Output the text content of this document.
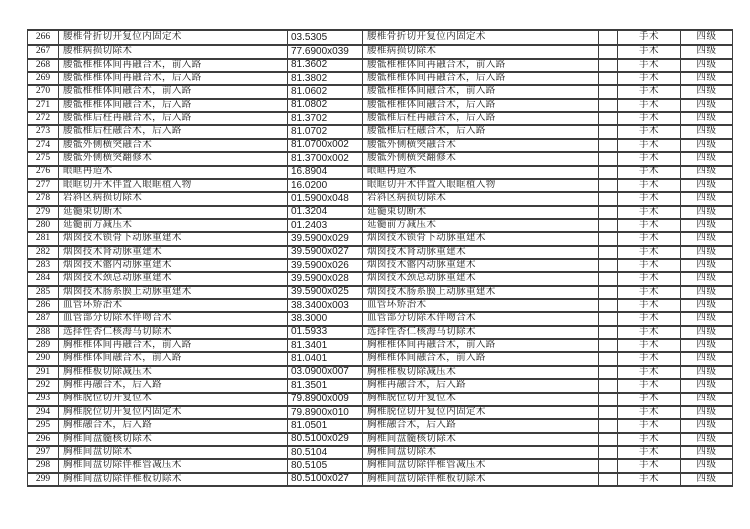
266	腰椎骨折切开复位内固定术	03.5305	腰椎骨折切开复位内固定术	手术	四级
267	腰椎病损切除术	77.6900x039	腰椎病损切除术	手术	四级
268	腰骶椎椎体间再融合术，前入路	81.3602	腰骶椎椎体间再融合术，前入路	手术	四级
269	腰骶椎椎体间再融合术，后入路	81.3802	腰骶椎椎体间再融合术，后入路	手术	四级
270	腰骶椎椎体间融合术，前入路	81.0602	腰骶椎椎体间融合术，前入路	手术	四级
271	腰骶椎椎体间融合术，后入路	81.0802	腰骶椎椎体间融合术，后入路	手术	四级
272	腰骶椎后柱再融合术，后入路	81.3702	腰骶椎后柱再融合术，后入路	手术	四级
273	腰骶椎后柱融合术，后入路	81.0702	腰骶椎后柱融合术，后入路	手术	四级
274	腰骶外侧横突融合术	81.0700x002	腰骶外侧横突融合术	手术	四级
275	腰骶外侧横突翻修术	81.3700x002	腰骶外侧横突翻修术	手术	四级
276	眼眶再造术	16.8904	眼眶再造术	手术	四级
277	眼眶切开术伴置入眼眶植入物	16.0200	眼眶切开术伴置入眼眶植入物	手术	四级
278	岩斜区病损切除术	01.5900x048	岩斜区病损切除术	手术	四级
279	延髓束切断术	01.3204	延髓束切断术	手术	四级
280	延髓前方减压术	01.2403	延髓前方减压术	手术	四级
281	烟囱技术锁骨下动脉重建术	39.5900x029	烟囱技术锁骨下动脉重建术	手术	四级
282	烟囱技术肾动脉重建术	39.5900x027	烟囱技术肾动脉重建术	手术	四级
283	烟囱技术髂内动脉重建术	39.5900x026	烟囱技术髂内动脉重建术	手术	四级
284	烟囱技术颈总动脉重建术	39.5900x028	烟囱技术颈总动脉重建术	手术	四级
285	烟囱技术肠系膜上动脉重建术	39.5900x025	烟囱技术肠系膜上动脉重建术	手术	四级
286	血管环矫治术	38.3400x003	血管环矫治术	手术	四级
287	血管部分切除术伴吻合术	38.3000	血管部分切除术伴吻合术	手术	四级
288	选择性杏仁核海马切除术	01.5933	选择性杏仁核海马切除术	手术	四级
289	胸椎椎体间再融合术，前入路	81.3401	胸椎椎体间再融合术，前入路	手术	四级
290	胸椎椎体间融合术，前入路	81.0401	胸椎椎体间融合术，前入路	手术	四级
291	胸椎椎板切除减压术	03.0900x007	胸椎椎板切除减压术	手术	四级
292	胸椎再融合术，后入路	81.3501	胸椎再融合术，后入路	手术	四级
293	胸椎脱位切开复位术	79.8900x009	胸椎脱位切开复位术	手术	四级
294	胸椎脱位切开复位内固定术	79.8900x010	胸椎脱位切开复位内固定术	手术	四级
295	胸椎融合术，后入路	81.0501	胸椎融合术，后入路	手术	四级
296	胸椎间盘髓核切除术	80.5100x029	胸椎间盘髓核切除术	手术	四级
297	胸椎间盘切除术	80.5104	胸椎间盘切除术	手术	四级
298	胸椎间盘切除伴椎管减压术	80.5105	胸椎间盘切除伴椎管减压术	手术	四级
299	胸椎间盘切除伴椎板切除术	80.5100x027	胸椎间盘切除伴椎板切除术	手术	四级
